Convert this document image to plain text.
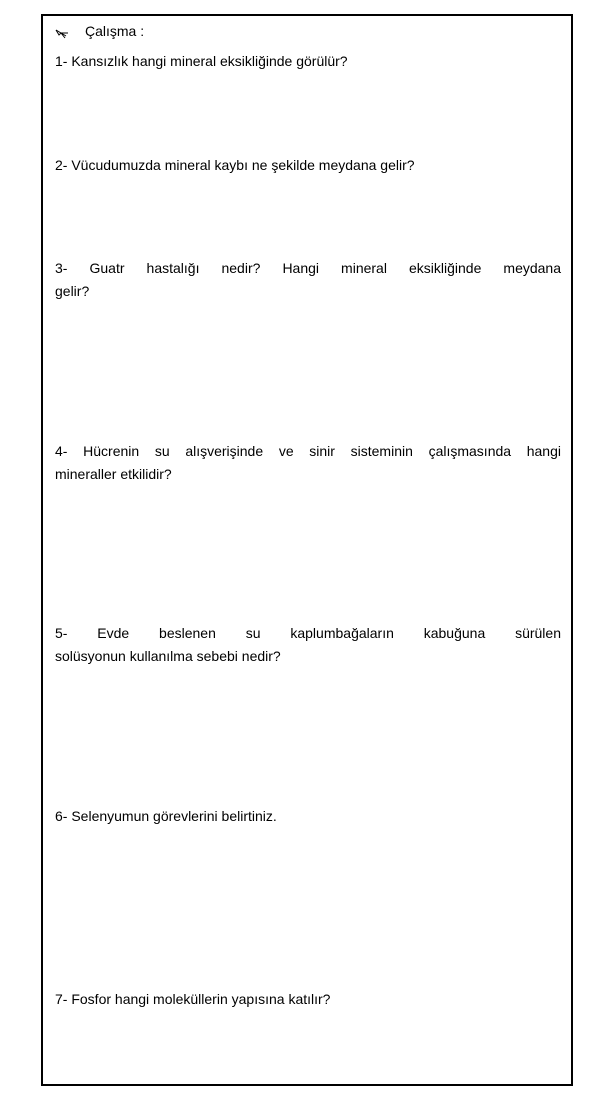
Çalışma :
1- Kansızlık hangi mineral eksikliğinde görülür?
2- Vücudumuzda mineral kaybı ne şekilde meydana gelir?
3- Guatr hastalığı nedir? Hangi mineral eksikliğinde meydana
gelir?
4- Hücrenin su alışverişinde ve sinir sisteminin çalışmasında hangi
mineraller etkilidir?
5- Evde beslenen su kaplumbağaların kabuğuna sürülen
solüsyonun kullanılma sebebi nedir?
6- Selenyumun görevlerini belirtiniz.
7- Fosfor hangi moleküllerin yapısına katılır?
